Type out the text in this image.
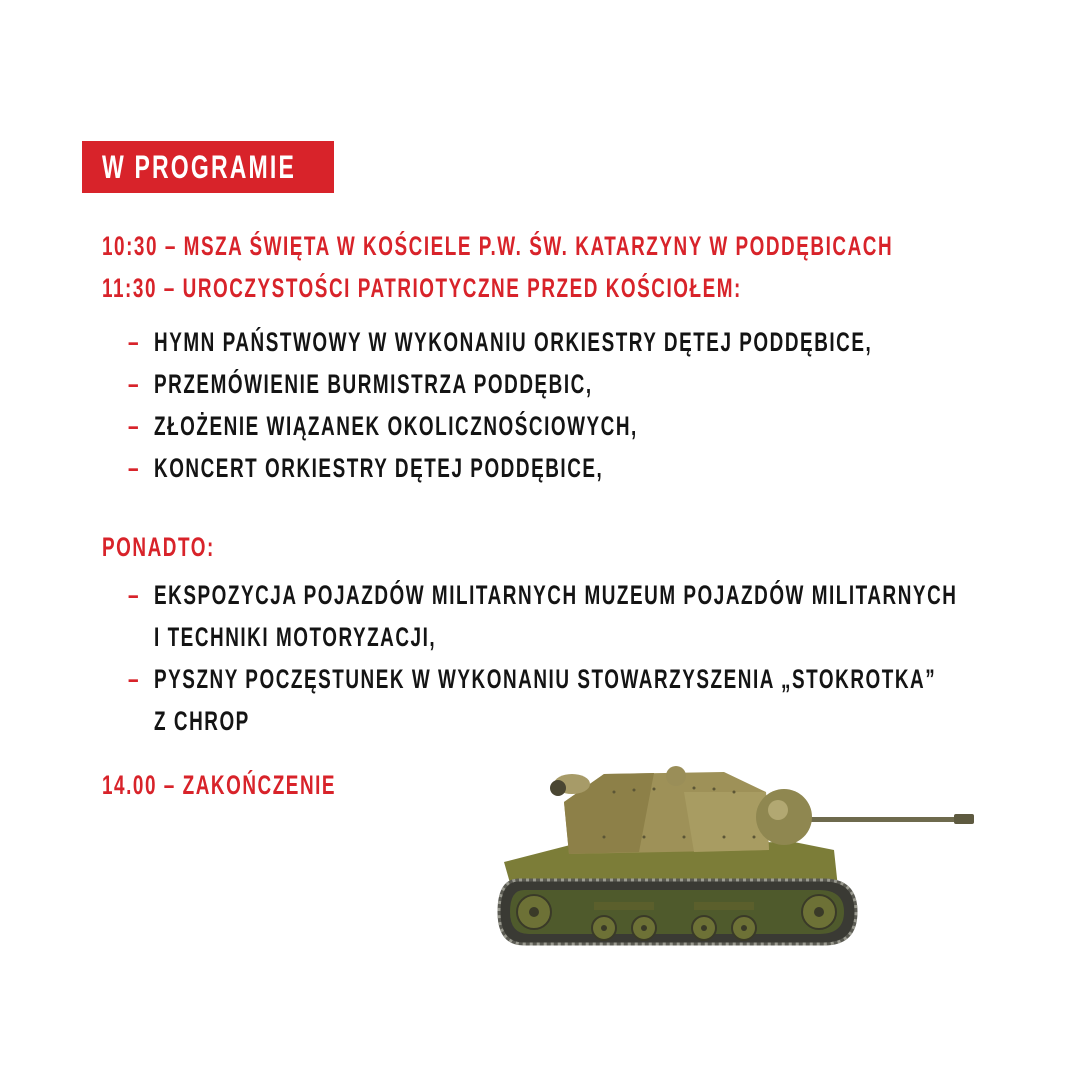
W PROGRAMIE
10:30 – MSZA ŚWIĘTA W KOŚCIELE P.W. ŚW. KATARZYNY W PODDĘBICACH
11:30 – UROCZYSTOŚCI PATRIOTYCZNE PRZED KOŚCIOŁEM:
– HYMN PAŃSTWOWY W WYKONANIU ORKIESTRY DĘTEJ PODDĘBICE,
– PRZEMÓWIENIE BURMISTRZA PODDĘBIC,
– ZŁOŻENIE WIĄZANEK OKOLICZNOŚCIOWYCH,
– KONCERT ORKIESTRY DĘTEJ PODDĘBICE,
PONADTO:
– EKSPOZYCJA POJAZDÓW MILITARNYCH MUZEUM POJAZDÓW MILITARNYCH
I TECHNIKI MOTORYZACJI,
– PYSZNY POCZĘSTUNEK W WYKONANIU STOWARZYSZENIA „STOKROTKA”
Z CHROP
14.00 – ZAKOŃCZENIE
